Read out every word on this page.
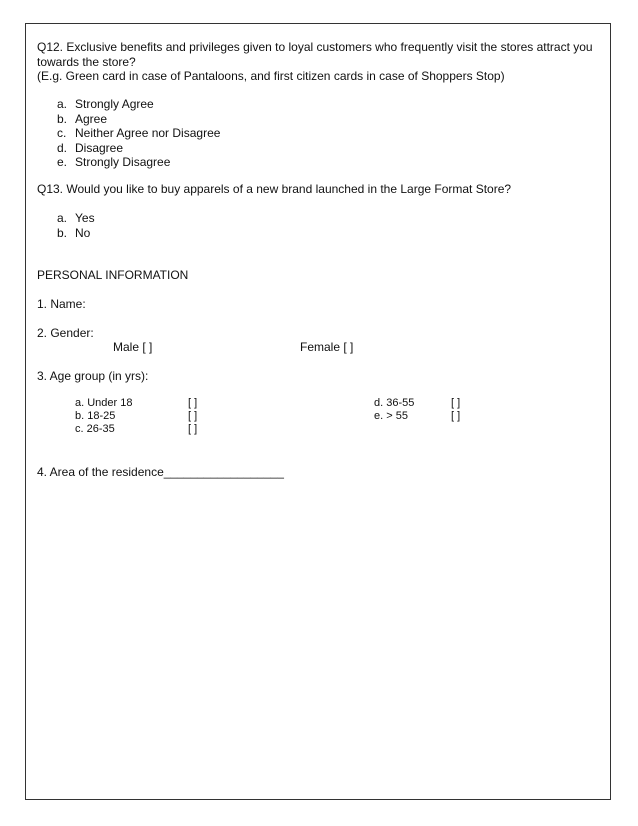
Q12. Exclusive benefits and privileges given to loyal customers who frequently visit the stores attract you towards the store?
(E.g. Green card in case of Pantaloons, and first citizen cards in case of Shoppers Stop)
a. Strongly Agree
b. Agree
c. Neither Agree nor Disagree
d. Disagree
e. Strongly Disagree
Q13. Would you like to buy apparels of a new brand launched in the Large Format Store?
a. Yes
b. No
PERSONAL INFORMATION
1. Name:
2. Gender:
Male [ ]	Female [ ]
3. Age group (in yrs):
a. Under 18	[ ]
b. 18-25	[ ]
c. 26-35	[ ]
d. 36-55	[ ]
e. > 55	[ ]
4. Area of the residence__________________
